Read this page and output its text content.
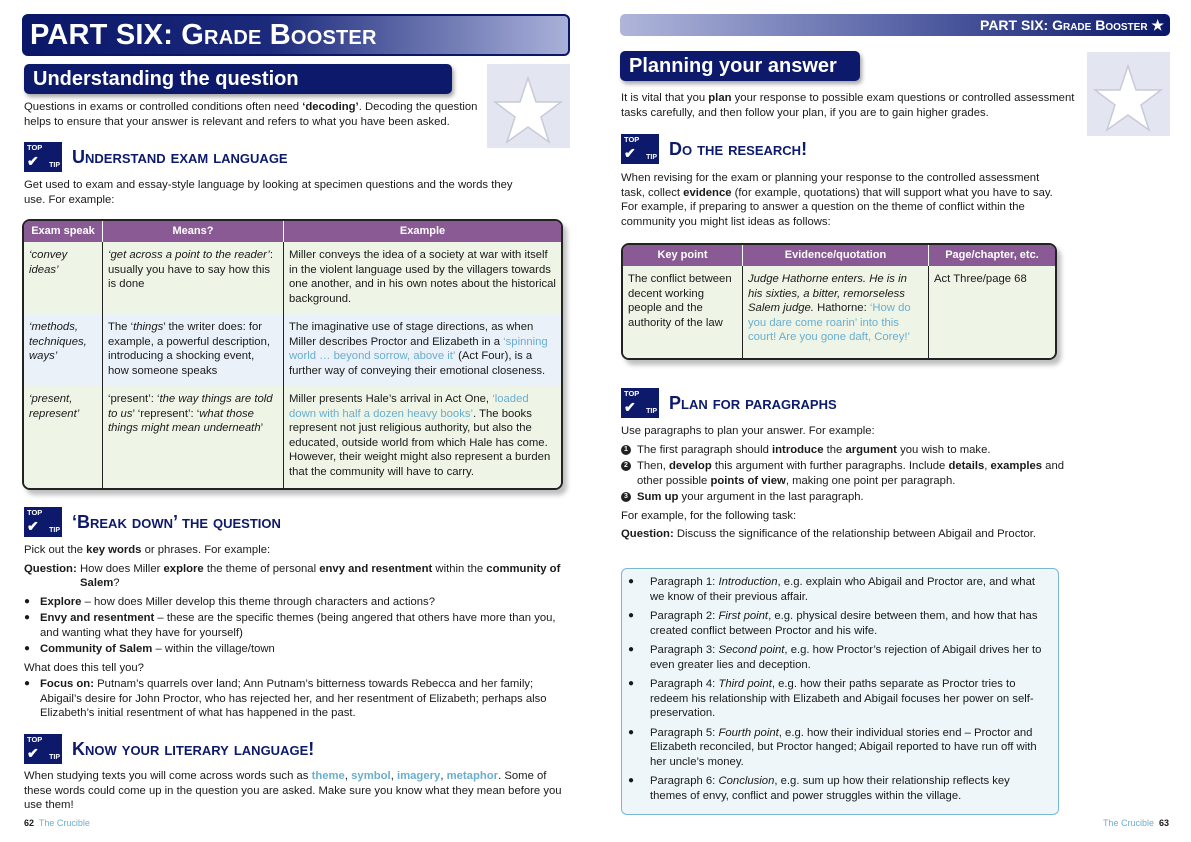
PART SIX: Grade Booster
Understanding the question
Questions in exams or controlled conditions often need ‘decoding’. Decoding the question helps to ensure that your answer is relevant and refers to what you have been asked.
TOP
✔ TIP Understand exam language
Get used to exam and essay-style language by looking at specimen questions and the words they use. For example:
Exam speak	Means?	Example
‘convey ideas’	‘get across a point to the reader’: usually you have to say how this is done	Miller conveys the idea of a society at war with itself in the violent language used by the villagers towards one another, and in his own notes about the historical background.
‘methods, techniques, ways’	The ‘things’ the writer does: for example, a powerful description, introducing a shocking event, how someone speaks	The imaginative use of stage directions, as when Miller describes Proctor and Elizabeth in a ‘spinning world … beyond sorrow, above it’ (Act Four), is a further way of conveying their emotional closeness.
‘present, represent’	‘present’: ‘the way things are told to us’ ‘represent’: ‘what those things might mean underneath’	Miller presents Hale’s arrival in Act One, ‘loaded down with half a dozen heavy books’. The books represent not just religious authority, but also the educated, outside world from which Hale has come. However, their weight might also represent a burden that the community will have to carry.
TOP
✔ TIP ‘Break down’ the question
Pick out the key words or phrases. For example:
Question: How does Miller explore the theme of personal envy and resentment within the community of Salem?
● Explore – how does Miller develop this theme through characters and actions?
● Envy and resentment – these are the specific themes (being angered that others have more than you, and wanting what they have for yourself)
● Community of Salem – within the village/town
What does this tell you?
● Focus on: Putnam’s quarrels over land; Ann Putnam’s bitterness towards Rebecca and her family; Abigail’s desire for John Proctor, who has rejected her, and her resentment of Elizabeth; perhaps also Elizabeth’s initial resentment of what has happened in the past.
TOP
✔ TIP Know your literary language!
When studying texts you will come across words such as theme, symbol, imagery, metaphor. Some of these words could come up in the question you are asked. Make sure you know what they mean before you use them!
62 The Crucible
PART SIX: Grade Booster ★
Planning your answer
It is vital that you plan your response to possible exam questions or controlled assessment tasks carefully, and then follow your plan, if you are to gain higher grades.
TOP
✔ TIP Do the research!
When revising for the exam or planning your response to the controlled assessment task, collect evidence (for example, quotations) that will support what you have to say. For example, if preparing to answer a question on the theme of conflict within the community you might list ideas as follows:
Key point	Evidence/quotation	Page/chapter, etc.
The conflict between decent working people and the authority of the law	Judge Hathorne enters. He is in his sixties, a bitter, remorseless Salem judge. Hathorne: ‘How do you dare come roarin’ into this court! Are you gone daft, Corey!’	Act Three/page 68
TOP
✔ TIP Plan for paragraphs
Use paragraphs to plan your answer. For example:
1 The first paragraph should introduce the argument you wish to make.
2 Then, develop this argument with further paragraphs. Include details, examples and other possible points of view, making one point per paragraph.
3 Sum up your argument in the last paragraph.
For example, for the following task:
Question: Discuss the significance of the relationship between Abigail and Proctor.
● Paragraph 1: Introduction, e.g. explain who Abigail and Proctor are, and what we know of their previous affair.
● Paragraph 2: First point, e.g. physical desire between them, and how that has created conflict between Proctor and his wife.
● Paragraph 3: Second point, e.g. how Proctor’s rejection of Abigail drives her to even greater lies and deception.
● Paragraph 4: Third point, e.g. how their paths separate as Proctor tries to redeem his relationship with Elizabeth and Abigail focuses her power on self-preservation.
● Paragraph 5: Fourth point, e.g. how their individual stories end – Proctor and Elizabeth reconciled, but Proctor hanged; Abigail reported to have run off with her uncle’s money.
● Paragraph 6: Conclusion, e.g. sum up how their relationship reflects key themes of envy, conflict and power struggles within the village.
The Crucible 63
